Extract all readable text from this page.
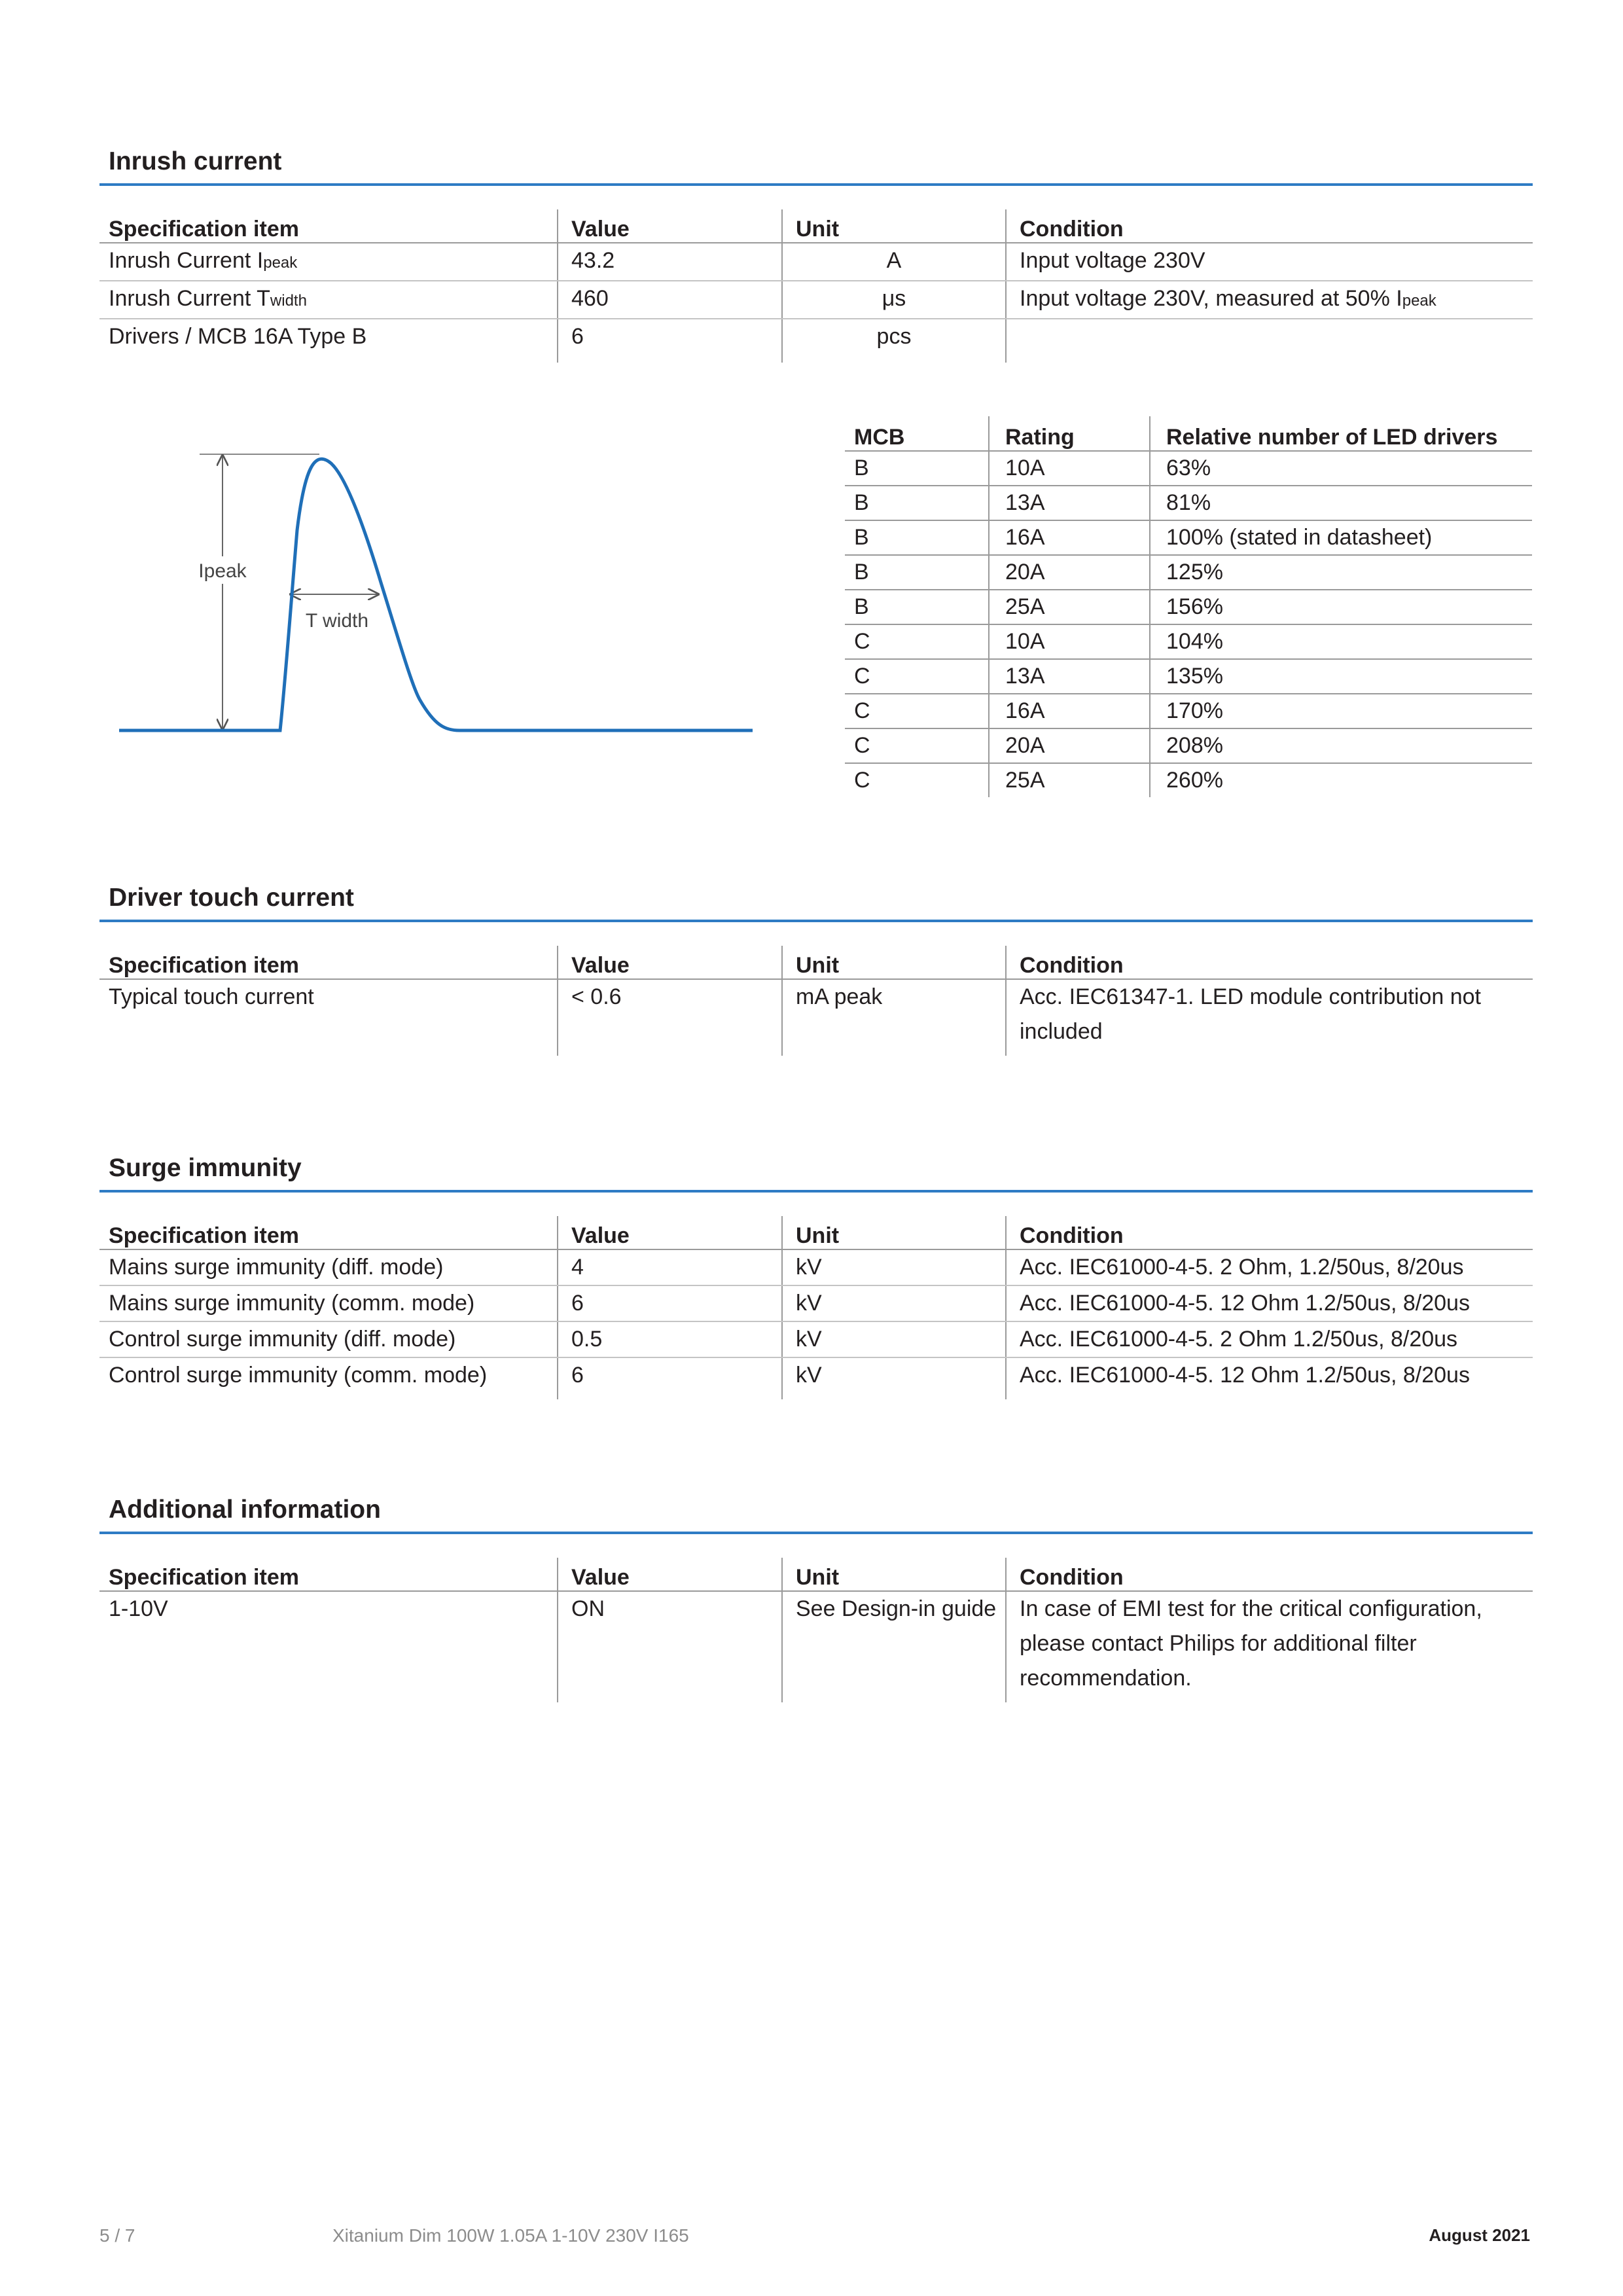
Inrush current
Specification item	Value	Unit	Condition
Inrush Current Ipeak	43.2	A	Input voltage 230V
Inrush Current Twidth	460	μs	Input voltage 230V, measured at 50% Ipeak
Drivers / MCB 16A Type B	6	pcs	
Ipeak
T width
MCB	Rating	Relative number of LED drivers
B	10A	63%
B	13A	81%
B	16A	100% (stated in datasheet)
B	20A	125%
B	25A	156%
C	10A	104%
C	13A	135%
C	16A	170%
C	20A	208%
C	25A	260%
Driver touch current
Specification item	Value	Unit	Condition
Typical touch current	< 0.6	mA peak	Acc. IEC61347-1. LED module contribution not included
Surge immunity
Specification item	Value	Unit	Condition
Mains surge immunity (diff. mode)	4	kV	Acc. IEC61000-4-5. 2 Ohm, 1.2/50us, 8/20us
Mains surge immunity (comm. mode)	6	kV	Acc. IEC61000-4-5. 12 Ohm 1.2/50us, 8/20us
Control surge immunity (diff. mode)	0.5	kV	Acc. IEC61000-4-5. 2 Ohm 1.2/50us, 8/20us
Control surge immunity (comm. mode)	6	kV	Acc. IEC61000-4-5. 12 Ohm 1.2/50us, 8/20us
Additional information
Specification item	Value	Unit	Condition
1-10V	ON	See Design-in guide	In case of EMI test for the critical configuration, please contact Philips for additional filter recommendation.
5 / 7	Xitanium Dim 100W 1.05A 1-10V 230V I165	August 2021
